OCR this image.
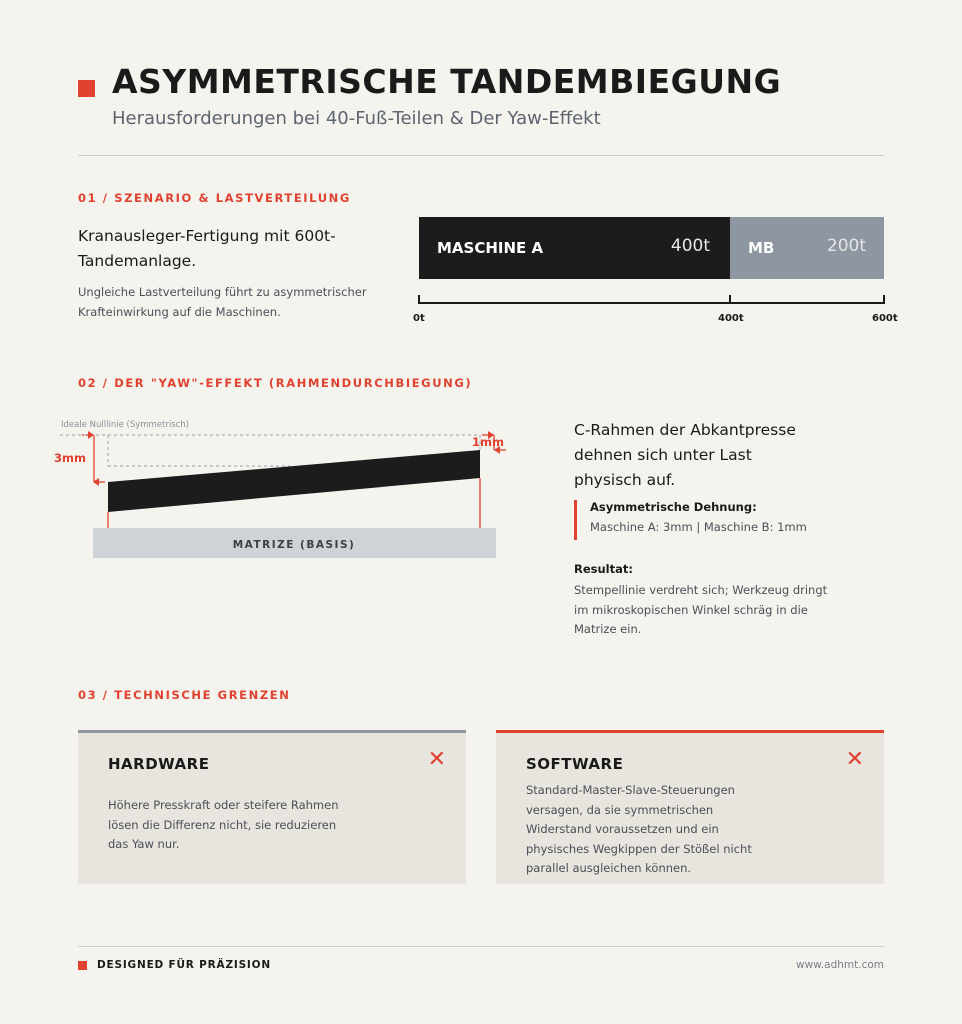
ASYMMETRISCHE TANDEMBIEGUNG
Herausforderungen bei 40-Fuß-Teilen & Der Yaw-Effekt
01 / SZENARIO & LASTVERTEILUNG
Kranausleger-Fertigung mit 600t-Tandemanlage.
Ungleiche Lastverteilung führt zu asymmetrischer Krafteinwirkung auf die Maschinen.
MASCHINE A	400t	MB	200t
0t	400t	600t
02 / DER "YAW"-EFFEKT (RAHMENDURCHBIEGUNG)
Ideale Nulllinie (Symmetrisch)
3mm
1mm
MATRIZE (BASIS)
C-Rahmen der Abkantpresse dehnen sich unter Last physisch auf.
Asymmetrische Dehnung:
Maschine A: 3mm | Maschine B: 1mm
Resultat:
Stempellinie verdreht sich; Werkzeug dringt im mikroskopischen Winkel schräg in die Matrize ein.
03 / TECHNISCHE GRENZEN
HARDWARE	✕
Höhere Presskraft oder steifere Rahmen lösen die Differenz nicht, sie reduzieren das Yaw nur.
SOFTWARE	✕
Standard-Master-Slave-Steuerungen versagen, da sie symmetrischen Widerstand voraussetzen und ein physisches Wegkippen der Stößel nicht parallel ausgleichen können.
DESIGNED FÜR PRÄZISION	www.adhmt.com
